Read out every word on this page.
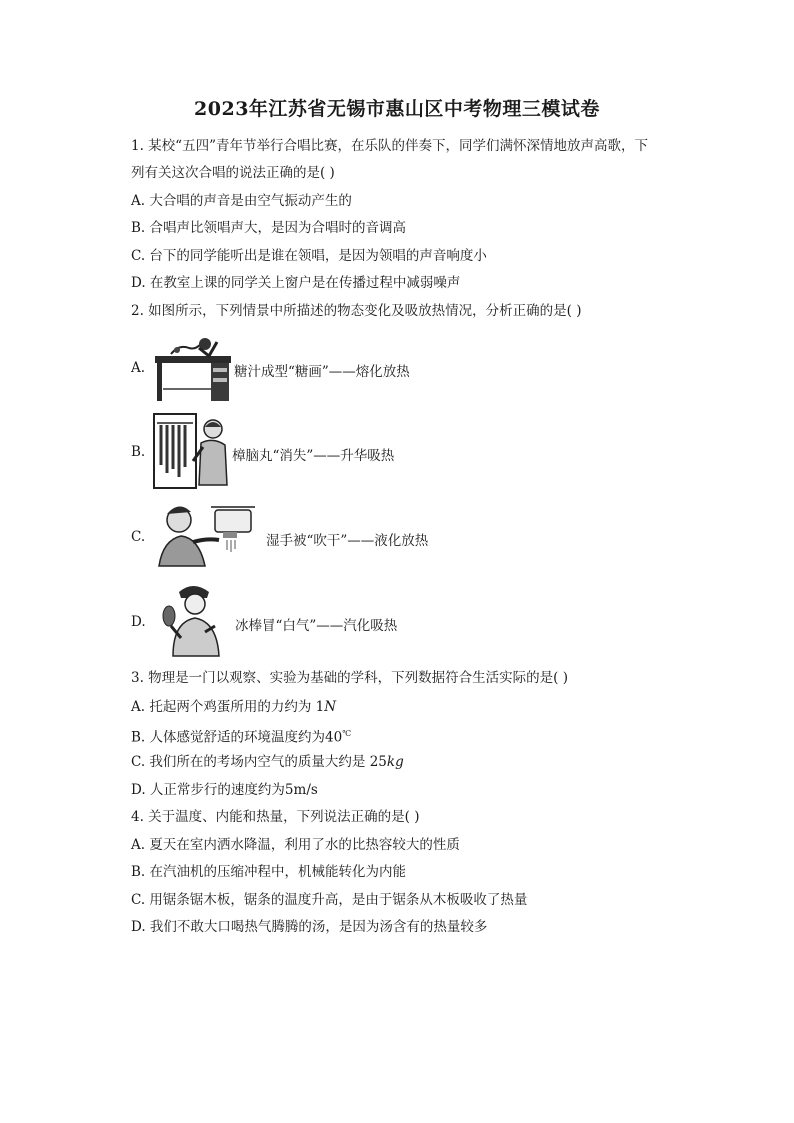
2023年江苏省无锡市惠山区中考物理三模试卷
1. 某校“五四”青年节举行合唱比赛，在乐队的伴奏下，同学们满怀深情地放声高歌，下
列有关这次合唱的说法正确的是( )
A. 大合唱的声音是由空气振动产生的
B. 合唱声比领唱声大，是因为合唱时的音调高
C. 台下的同学能听出是谁在领唱，是因为领唱的声音响度小
D. 在教室上课的同学关上窗户是在传播过程中减弱噪声
2. 如图所示，下列情景中所描述的物态变化及吸放热情况，分析正确的是( )
A.	糖汁成型“糖画”——熔化放热
B.	樟脑丸“消失”——升华吸热
C.	湿手被“吹干”——液化放热
D.	冰棒冒“白气”——汽化吸热
3. 物理是一门以观察、实验为基础的学科，下列数据符合生活实际的是( )
A. 托起两个鸡蛋所用的力约为 1N
B. 人体感觉舒适的环境温度约为40℃
C. 我们所在的考场内空气的质量大约是 25kg
D. 人正常步行的速度约为5m/s
4. 关于温度、内能和热量，下列说法正确的是( )
A. 夏天在室内洒水降温，利用了水的比热容较大的性质
B. 在汽油机的压缩冲程中，机械能转化为内能
C. 用锯条锯木板，锯条的温度升高，是由于锯条从木板吸收了热量
D. 我们不敢大口喝热气腾腾的汤，是因为汤含有的热量较多
